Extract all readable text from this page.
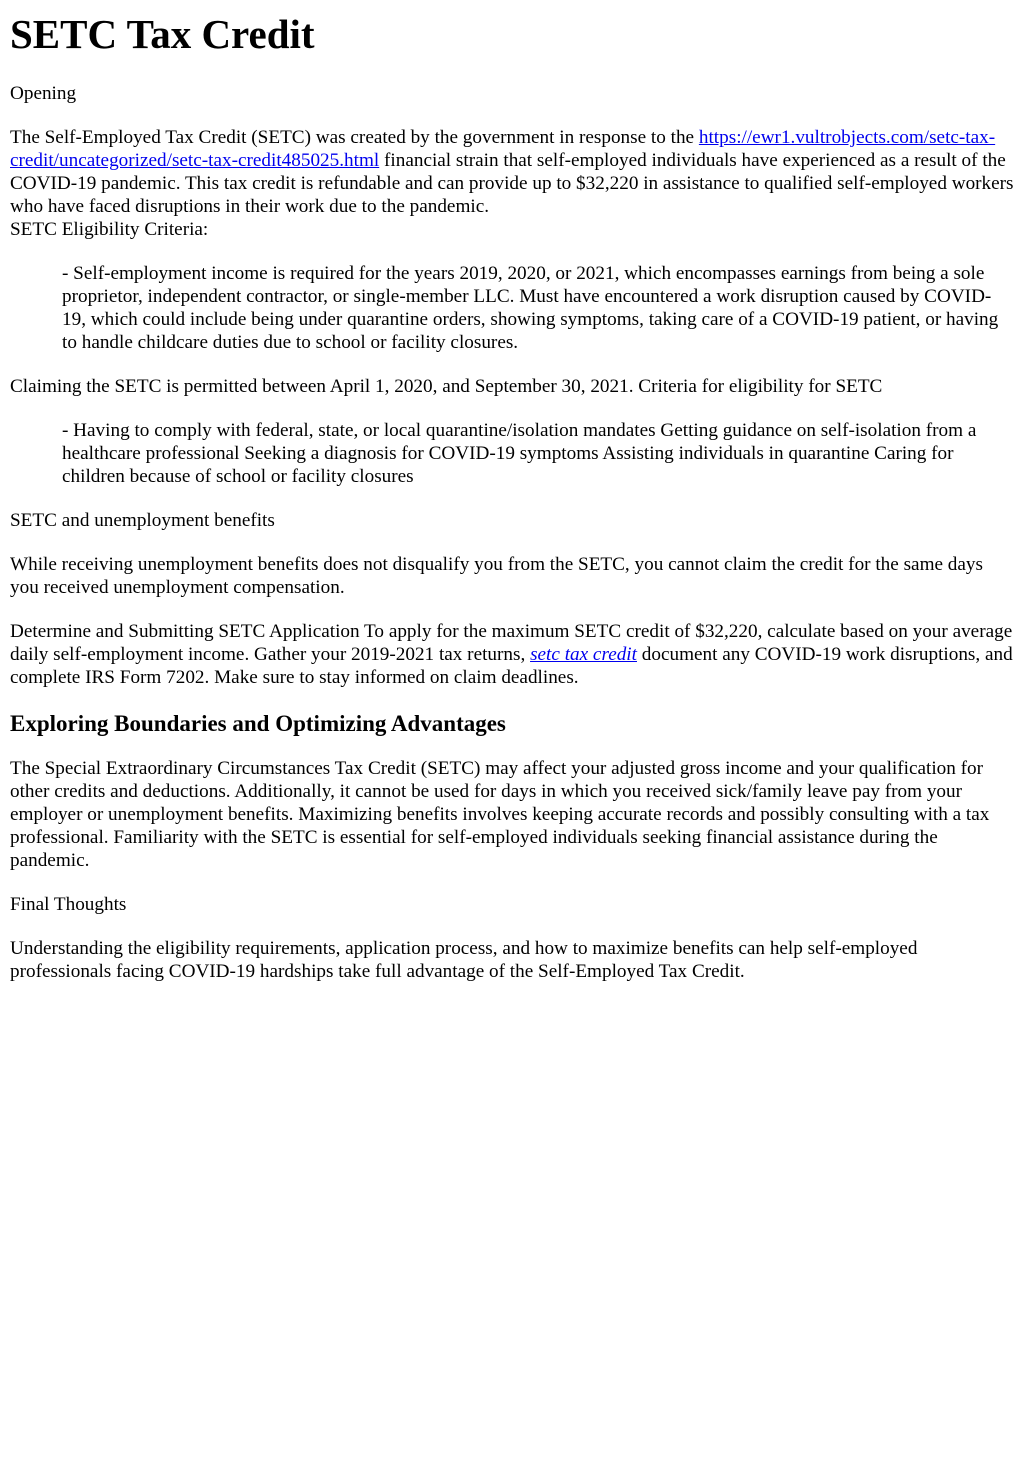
SETC Tax Credit

Opening

The Self-Employed Tax Credit (SETC) was created by the government in response to the https://ewr1.vultrobjects.com/setc-tax-credit/uncategorized/setc-tax-credit485025.html financial strain that self-employed individuals have experienced as a result of the COVID-19 pandemic. This tax credit is refundable and can provide up to $32,220 in assistance to qualified self-employed workers who have faced disruptions in their work due to the pandemic.
SETC Eligibility Criteria:

- Self-employment income is required for the years 2019, 2020, or 2021, which encompasses earnings from being a sole proprietor, independent contractor, or single-member LLC. Must have encountered a work disruption caused by COVID-19, which could include being under quarantine orders, showing symptoms, taking care of a COVID-19 patient, or having to handle childcare duties due to school or facility closures.

Claiming the SETC is permitted between April 1, 2020, and September 30, 2021. Criteria for eligibility for SETC

- Having to comply with federal, state, or local quarantine/isolation mandates Getting guidance on self-isolation from a healthcare professional Seeking a diagnosis for COVID-19 symptoms Assisting individuals in quarantine Caring for children because of school or facility closures

SETC and unemployment benefits

While receiving unemployment benefits does not disqualify you from the SETC, you cannot claim the credit for the same days you received unemployment compensation.

Determine and Submitting SETC Application To apply for the maximum SETC credit of $32,220, calculate based on your average daily self-employment income. Gather your 2019-2021 tax returns, setc tax credit document any COVID-19 work disruptions, and complete IRS Form 7202. Make sure to stay informed on claim deadlines.

Exploring Boundaries and Optimizing Advantages

The Special Extraordinary Circumstances Tax Credit (SETC) may affect your adjusted gross income and your qualification for other credits and deductions. Additionally, it cannot be used for days in which you received sick/family leave pay from your employer or unemployment benefits. Maximizing benefits involves keeping accurate records and possibly consulting with a tax professional. Familiarity with the SETC is essential for self-employed individuals seeking financial assistance during the pandemic.

Final Thoughts

Understanding the eligibility requirements, application process, and how to maximize benefits can help self-employed professionals facing COVID-19 hardships take full advantage of the Self-Employed Tax Credit.
